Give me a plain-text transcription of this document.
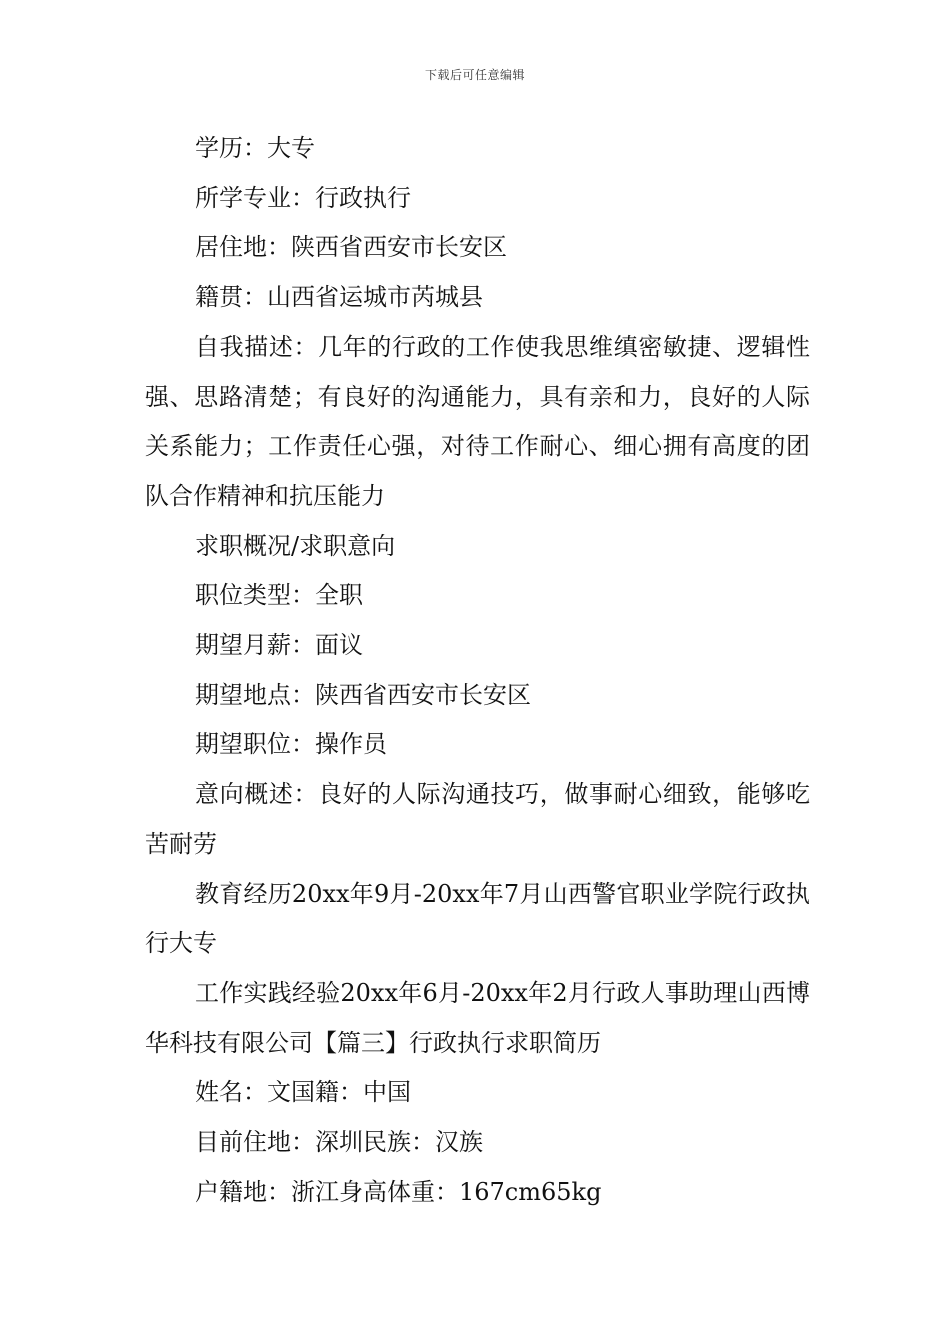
下载后可任意编辑

学历：大专

所学专业：行政执行

居住地：陕西省西安市长安区

籍贯：山西省运城市芮城县

自我描述：几年的行政的工作使我思维缜密敏捷、逻辑性强、思路清楚；有良好的沟通能力，具有亲和力，良好的人际关系能力；工作责任心强，对待工作耐心、细心拥有高度的团队合作精神和抗压能力

求职概况/求职意向

职位类型：全职

期望月薪：面议

期望地点：陕西省西安市长安区

期望职位：操作员

意向概述：良好的人际沟通技巧，做事耐心细致，能够吃苦耐劳

教育经历20xx年9月-20xx年7月山西警官职业学院行政执行大专

工作实践经验20xx年6月-20xx年2月行政人事助理山西博华科技有限公司【篇三】行政执行求职简历

姓名：文国籍：中国

目前住地：深圳民族：汉族

户籍地：浙江身高体重：167cm65kg
